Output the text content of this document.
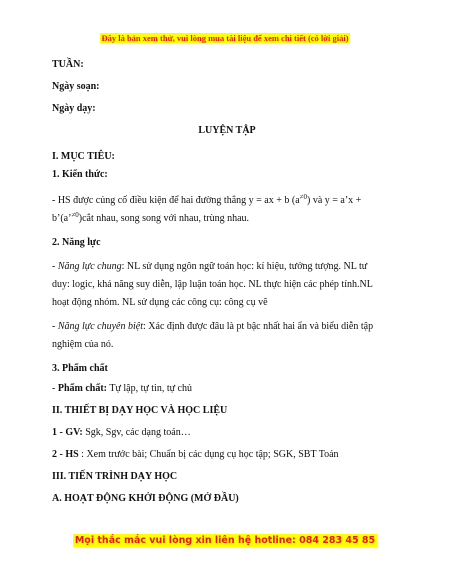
Đây là bản xem thử, vui lòng mua tài liệu để xem chi tiết (có lời giải)
TUẦN:
Ngày soạn:
Ngày dạy:
LUYỆN TẬP
I. MỤC TIÊU:
1. Kiến thức:
- HS được củng cố điều kiện để hai đường thẳng y = ax + b $(a^{\ne 0})$ và y = a’x +
b’(a’$^{\ne 0}$)cắt nhau, song song với nhau, trùng nhau.
2. Năng lực
- Năng lực chung: NL sử dụng ngôn ngữ toán học: kí hiệu, tưởng tượng. NL tư
duy: logic, khả năng suy diễn, lập luận toán học. NL thực hiện các phép tính.NL
hoạt động nhóm. NL sử dụng các công cụ: công cụ vẽ
- Năng lực chuyên biệt: Xác định được đâu là pt bậc nhất hai ẩn và biểu diễn tập
nghiệm của nó.
3. Phẩm chất
- Phẩm chất: Tự lập, tự tin, tự chủ
II. THIẾT BỊ DẠY HỌC VÀ HỌC LIỆU
1 - GV: Sgk, Sgv, các dạng toán…
2 - HS : Xem trước bài; Chuẩn bị các dụng cụ học tập; SGK, SBT Toán
III. TIẾN TRÌNH DẠY HỌC
A. HOẠT ĐỘNG KHỞI ĐỘNG (MỞ ĐẦU)
Mọi thắc mắc vui lòng xin liên hệ hotline: 084 283 45 85
